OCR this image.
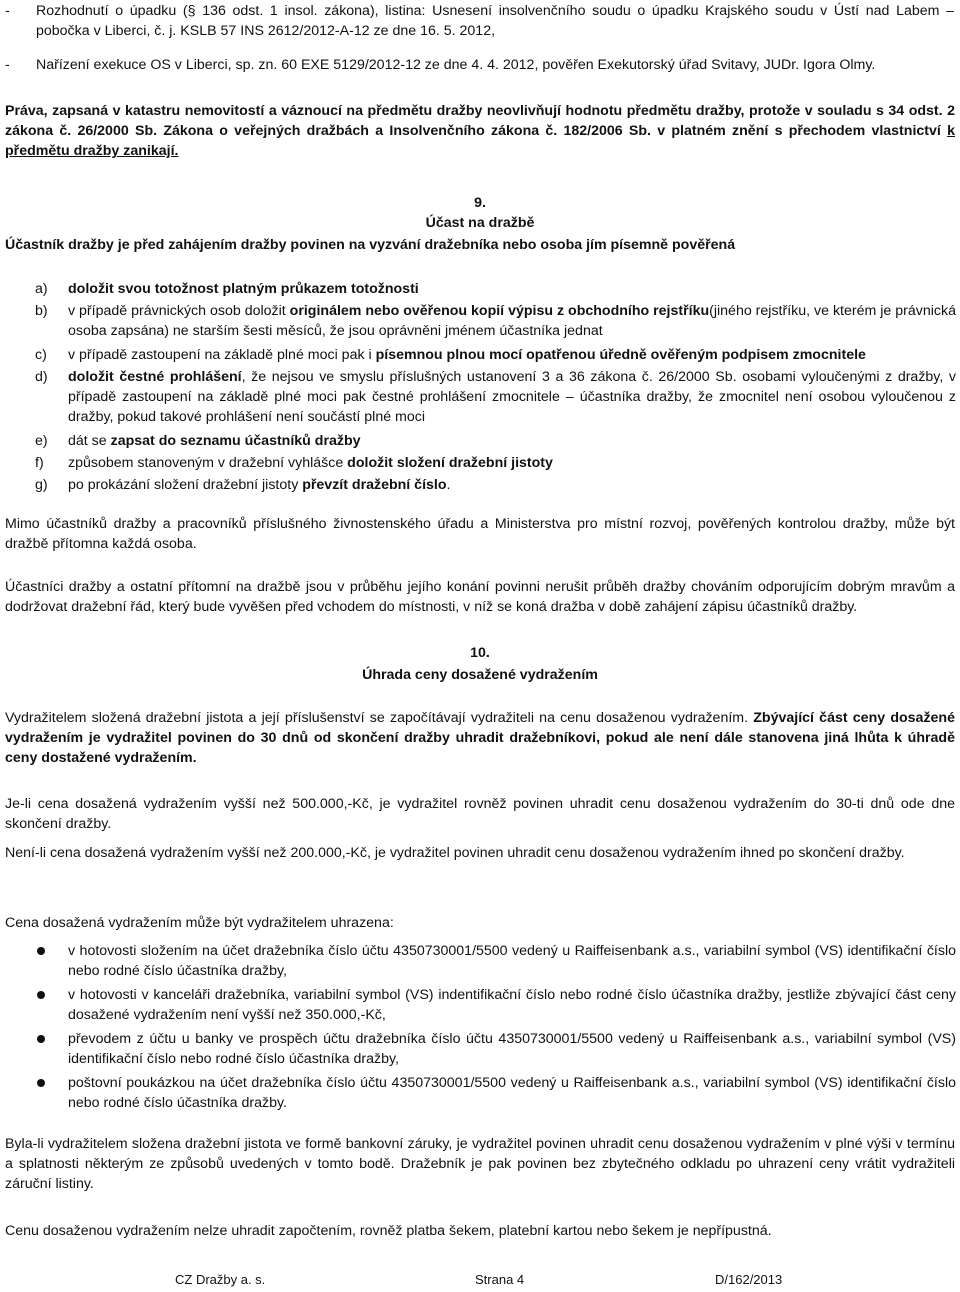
- Rozhodnutí o úpadku (§ 136 odst. 1 insol. zákona), listina: Usnesení insolvenčního soudu o úpadku Krajského soudu v Ústí nad Labem – pobočka v Liberci, č. j. KSLB 57 INS 2612/2012-A-12 ze dne 16. 5. 2012,
- Nařízení exekuce OS v Liberci, sp. zn. 60 EXE 5129/2012-12 ze dne 4. 4. 2012, pověřen Exekutorský úřad Svitavy, JUDr. Igora Olmy.
Práva, zapsaná v katastru nemovitostí a váznoucí na předmětu dražby neovlivňují hodnotu předmětu dražby, protože v souladu s 34 odst. 2 zákona č. 26/2000 Sb. Zákona o veřejných dražbách a Insolvenčního zákona č. 182/2006 Sb. v platném znění s přechodem vlastnictví k předmětu dražby zanikají.
9.
Účast na dražbě
Účastník dražby je před zahájením dražby povinen na vyzvání dražebníka nebo osoba jím písemně pověřená
a) doložit svou totožnost platným průkazem totožnosti
b) v případě právnických osob doložit originálem nebo ověřenou kopií výpisu z obchodního rejstříku(jiného rejstříku, ve kterém je právnická osoba zapsána) ne starším šesti měsíců, že jsou oprávněni jménem účastníka jednat
c) v případě zastoupení na základě plné moci pak i písemnou plnou mocí opatřenou úředně ověřeným podpisem zmocnitele
d) doložit čestné prohlášení, že nejsou ve smyslu příslušných ustanovení 3 a 36 zákona č. 26/2000 Sb. osobami vyloučenými z dražby, v případě zastoupení na základě plné moci pak čestné prohlášení zmocnitele – účastníka dražby, že zmocnitel není osobou vyloučenou z dražby, pokud takové prohlášení není součástí plné moci
e) dát se zapsat do seznamu účastníků dražby
f) způsobem stanoveným v dražební vyhlášce doložit složení dražební jistoty
g) po prokázání složení dražební jistoty převzít dražební číslo.
Mimo účastníků dražby a pracovníků příslušného živnostenského úřadu a Ministerstva pro místní rozvoj, pověřených kontrolou dražby, může být dražbě přítomna každá osoba.
Účastníci dražby a ostatní přítomní na dražbě jsou v průběhu jejího konání povinni nerušit průběh dražby chováním odporujícím dobrým mravům a dodržovat dražební řád, který bude vyvěšen před vchodem do místnosti, v níž se koná dražba v době zahájení zápisu účastníků dražby.
10.
Úhrada ceny dosažené vydražením
Vydražitelem složená dražební jistota a její příslušenství se započítávají vydražiteli na cenu dosaženou vydražením. Zbývající část ceny dosažené vydražením je vydražitel povinen do 30 dnů od skončení dražby uhradit dražebníkovi, pokud ale není dále stanovena jiná lhůta k úhradě ceny dostažené vydražením.
Je-li cena dosažená vydražením vyšší než 500.000,-Kč, je vydražitel rovněž povinen uhradit cenu dosaženou vydražením do 30-ti dnů ode dne skončení dražby.
Není-li cena dosažená vydražením vyšší než 200.000,-Kč, je vydražitel povinen uhradit cenu dosaženou vydražením ihned po skončení dražby.
Cena dosažená vydražením může být vydražitelem uhrazena:
v hotovosti složením na účet dražebníka číslo účtu 4350730001/5500 vedený u Raiffeisenbank a.s., variabilní symbol (VS) identifikační číslo nebo rodné číslo účastníka dražby,
v hotovosti v kanceláři dražebníka, variabilní symbol (VS) indentifikační číslo nebo rodné číslo účastníka dražby, jestliže zbývající část ceny dosažené vydražením není vyšší než 350.000,-Kč,
převodem z účtu u banky ve prospěch účtu dražebníka číslo účtu 4350730001/5500 vedený u Raiffeisenbank a.s., variabilní symbol (VS) identifikační číslo nebo rodné číslo účastníka dražby,
poštovní poukázkou na účet dražebníka číslo účtu 4350730001/5500 vedený u Raiffeisenbank a.s., variabilní symbol (VS) identifikační číslo nebo rodné číslo účastníka dražby.
Byla-li vydražitelem složena dražební jistota ve formě bankovní záruky, je vydražitel povinen uhradit cenu dosaženou vydražením v plné výši v termínu a splatnosti některým ze způsobů uvedených v tomto bodě. Dražebník je pak povinen bez zbytečného odkladu po uhrazení ceny vrátit vydražiteli záruční listiny.
Cenu dosaženou vydražením nelze uhradit započtením, rovněž platba šekem, platební kartou nebo šekem je nepřípustná.
CZ Dražby a. s.	Strana 4	D/162/2013
